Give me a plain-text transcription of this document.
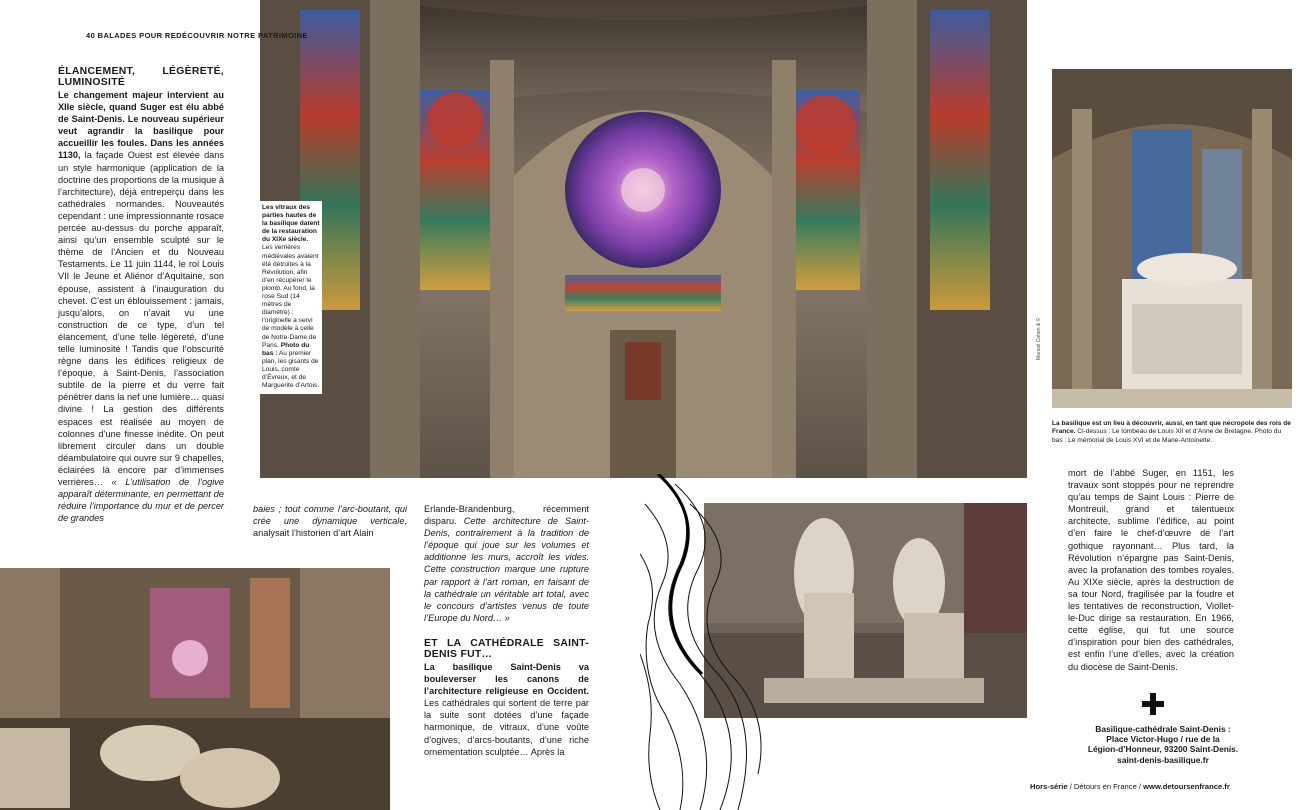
40 BALADES POUR REDÉCOUVRIR NOTRE PATRIMOINE
ÉLANCEMENT, LÉGÈRETÉ, LUMINOSITÉ

Le changement majeur intervient au XIIe siècle, quand Suger est élu abbé de Saint-Denis. Le nouveau supérieur veut agrandir la basilique pour accueillir les foules. Dans les années 1130, la façade Ouest est élevée dans un style harmonique (application de la doctrine des proportions de la musique à l’architecture), déjà entreperçu dans les cathédrales normandes. Nouveautés cependant : une impressionnante rosace percée au-dessus du porche apparaît, ainsi qu’un ensemble sculpté sur le thème de l’Ancien et du Nouveau Testaments. Le 11 juin 1144, le roi Louis VII le Jeune et Aliénor d’Aquitaine, son épouse, assistent à l’inauguration du chevet. C’est un éblouissement : jamais, jusqu’alors, on n’avait vu une construction de ce type, d’un tel élancement, d’une telle légèreté, d’une telle luminosité ! Tandis que l’obscurité règne dans les édifices religieux de l’époque, à Saint-Denis, l’association subtile de la pierre et du verre fait pénétrer dans la nef une lumière… quasi divine ! La gestion des différents espaces est réalisée au moyen de colonnes d’une finesse inédite. On peut librement circuler dans un double déambulatoire qui ouvre sur 9 chapelles, éclairées là encore par d’immenses verrières… « L’utilisation de l’ogive apparaît déterminante, en permettant de réduire l’importance du mur et de percer de grandes

baies ; tout comme l’arc-boutant, qui crée une dynamique verticale, analysait l’historien d’art Alain

Erlande-Brandenburg, récemment disparu. Cette architecture de Saint-Denis, contrairement à la tradition de l’époque qui joue sur les volumes et additionne les murs, accroît les vides. Cette construction marque une rupture par rapport à l’art roman, en faisant de la cathédrale un véritable art total, avec le concours d’artistes venus de toute l’Europe du Nord… »

ET LA CATHÉDRALE SAINT-DENIS FUT…

La basilique Saint-Denis va bouleverser les canons de l’architecture religieuse en Occident. Les cathédrales qui sortent de terre par la suite sont dotées d’une façade harmonique, de vitraux, d’une voûte d’ogives, d’arcs-boutants, d’une riche ornementation sculptée… Après la

mort de l’abbé Suger, en 1151, les travaux sont stoppés pour ne reprendre qu’au temps de Saint Louis : Pierre de Montreuil, grand et talentueux architecte, sublime l’édifice, au point d’en faire le chef-d’œuvre de l’art gothique rayonnant… Plus tard, la Révolution n’épargne pas Saint-Denis, avec la profanation des tombes royales. Au XIXe siècle, après la destruction de sa tour Nord, fragilisée par la foudre et les tentatives de reconstruction, Viollet-le-Duc dirige sa restauration. En 1966, cette église, qui fut une source d’inspiration pour bien des cathédrales, est enfin l’une d’elles, avec la création du diocèse de Saint-Denis.

Les vitraux des parties hautes de la basilique datent de la restauration du XIXe siècle. Les verrières médiévales avaient été détruites à la Révolution, afin d’en récupérer le plomb. Au fond, la rose Sud (14 mètres de diamètre) : l’originelle a servi de modèle à celle de Notre-Dame de Paris. Photo du bas : Au premier plan, les gisants de Louis, comte d’Évreux, et de Marguerite d’Artois.
La basilique est un lieu à découvrir, aussi, en tant que nécropole des rois de France. Ci-dessus : Le tombeau de Louis XII et d’Anne de Bretagne. Photo du bas : Le mémorial de Louis XVI et de Marie-Antoinette.
Manuel Cohen & ©
Basilique-cathédrale Saint-Denis :
Place Victor-Hugo / rue de la
Légion-d’Honneur, 93200 Saint-Denis.
saint-denis-basilique.fr
Hors-série / Détours en France / www.detoursenfrance.fr
